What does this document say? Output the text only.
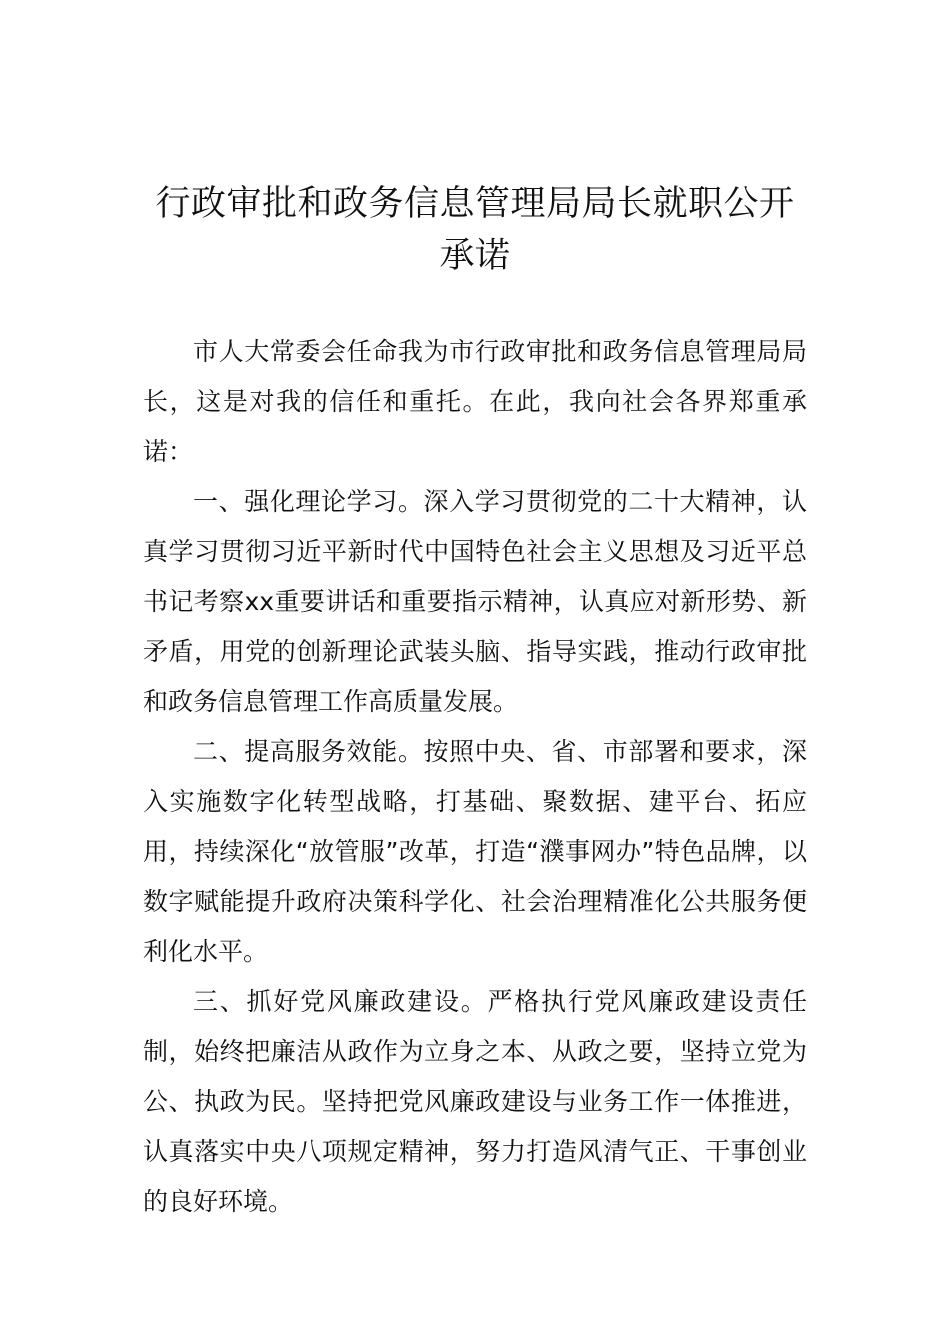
行政审批和政务信息管理局局长就职公开承诺

市人大常委会任命我为市行政审批和政务信息管理局局长，这是对我的信任和重托。在此，我向社会各界郑重承诺：

一、强化理论学习。深入学习贯彻党的二十大精神，认真学习贯彻习近平新时代中国特色社会主义思想及习近平总书记考察xx重要讲话和重要指示精神，认真应对新形势、新矛盾，用党的创新理论武装头脑、指导实践，推动行政审批和政务信息管理工作高质量发展。

二、提高服务效能。按照中央、省、市部署和要求，深入实施数字化转型战略，打基础、聚数据、建平台、拓应用，持续深化“放管服”改革，打造“濮事网办”特色品牌，以数字赋能提升政府决策科学化、社会治理精准化公共服务便利化水平。

三、抓好党风廉政建设。严格执行党风廉政建设责任制，始终把廉洁从政作为立身之本、从政之要，坚持立党为公、执政为民。坚持把党风廉政建设与业务工作一体推进，认真落实中央八项规定精神，努力打造风清气正、干事创业的良好环境。
